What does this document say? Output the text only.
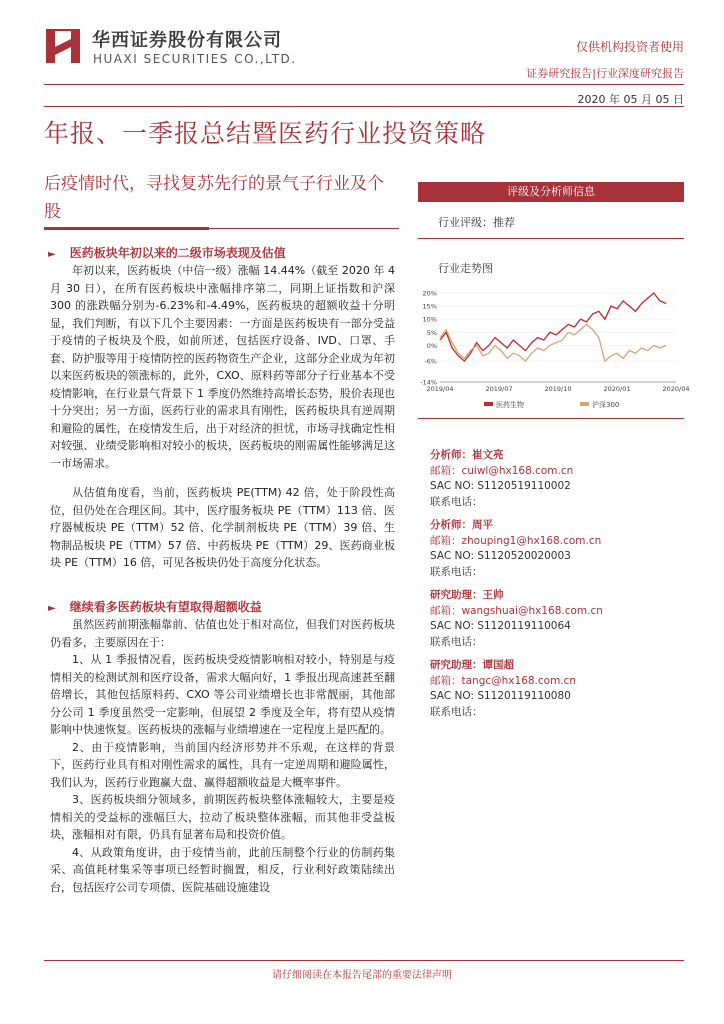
华西证券股份有限公司
HUAXI SECURITIES CO.,LTD.
仅供机构投资者使用
证券研究报告|行业深度研究报告
2020 年 05 月 05 日
年报、一季报总结暨医药行业投资策略
后疫情时代，寻找复苏先行的景气子行业及个股
► 医药板块年初以来的二级市场表现及估值

年初以来，医药板块（中信一级）涨幅 14.44%（截至 2020 年 4 月 30 日），在所有医药板块中涨幅排序第二，同期上证指数和沪深 300 的涨跌幅分别为-6.23%和-4.49%，医药板块的超额收益十分明显，我们判断，有以下几个主要因素：一方面是医药板块有一部分受益于疫情的子板块及个股，如前所述，包括医疗设备、IVD、口罩、手套、防护服等用于疫情防控的医药物资生产企业，这部分企业成为年初以来医药板块的领涨标的，此外，CXO、原料药等部分子行业基本不受疫情影响，在行业景气背景下 1 季度仍然维持高增长态势，股价表现也十分突出；另一方面，医药行业的需求具有刚性，医药板块具有逆周期和避险的属性，在疫情发生后，出于对经济的担忧，市场寻找确定性相对较强、业绩受影响相对较小的板块，医药板块的刚需属性能够满足这一市场需求。

从估值角度看，当前，医药板块 PE(TTM) 42 倍，处于阶段性高位，但仍处在合理区间。其中，医疗服务板块 PE（TTM）113 倍、医疗器械板块 PE（TTM）52 倍、化学制剂板块 PE（TTM）39 倍、生物制品板块 PE（TTM）57 倍、中药板块 PE（TTM）29、医药商业板块 PE（TTM）16 倍，可见各板块仍处于高度分化状态。

► 继续看多医药板块有望取得超额收益

虽然医药前期涨幅靠前、估值也处于相对高位，但我们对医药板块仍看多，主要原因在于：

1、从 1 季报情况看，医药板块受疫情影响相对较小，特别是与疫情相关的检测试剂和医疗设备，需求大幅向好，1 季报出现高速甚至翻倍增长，其他包括原料药、CXO 等公司业绩增长也非常靓丽，其他部分公司 1 季度虽然受一定影响，但展望 2 季度及全年，将有望从疫情影响中快速恢复。医药板块的涨幅与业绩增速在一定程度上是匹配的。

2、由于疫情影响，当前国内经济形势并不乐观，在这样的背景下，医药行业具有相对刚性需求的属性，具有一定逆周期和避险属性，我们认为，医药行业跑赢大盘、赢得超额收益是大概率事件。

3、医药板块细分领域多，前期医药板块整体涨幅较大，主要是疫情相关的受益标的涨幅巨大，拉动了板块整体涨幅，而其他非受益板块，涨幅相对有限，仍具有显著布局和投资价值。

4、从政策角度讲，由于疫情当前，此前压制整个行业的仿制药集采、高值耗材集采等事项已经暂时搁置，相反，行业利好政策陆续出台，包括医疗公司专项债、医院基础设施建设

评级及分析师信息
行业评级：推荐
行业走势图
20%
15%
10%
5%
0%
-6%
-14%
2019/04	2019/07	2019/10	2020/01	2020/04
医药生物	沪深300
分析师：崔文亮
邮箱：cuiwl@hx168.com.cn
SAC NO: S1120519110002
联系电话：
分析师：周平
邮箱：zhouping1@hx168.com.cn
SAC NO: S1120520020003
联系电话：
研究助理：王帅
邮箱：wangshuai@hx168.com.cn
SAC NO: S1120119110064
联系电话：
研究助理：谭国超
邮箱：tangc@hx168.com.cn
SAC NO: S1120119110080
联系电话：
请仔细阅读在本报告尾部的重要法律声明
